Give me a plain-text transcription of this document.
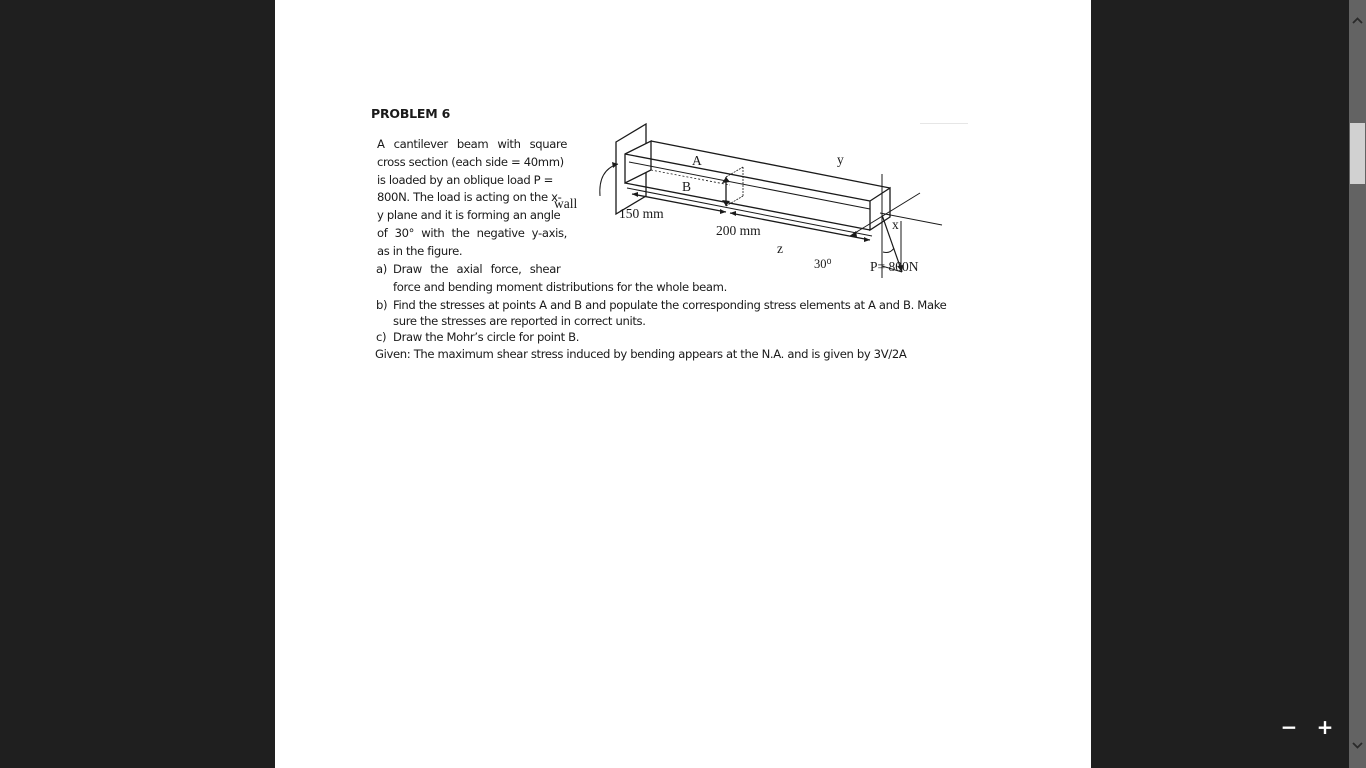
PROBLEM 6
A cantilever beam with square
cross section (each side = 40mm)
is loaded by an oblique load P =
800N. The load is acting on the x-
y plane and it is forming an angle
of 30° with the negative y-axis,
as in the figure.
a) Draw the axial force, shear
force and bending moment distributions for the whole beam.
b) Find the stresses at points A and B and populate the corresponding stress elements at A and B. Make
sure the stresses are reported in correct units.
c) Draw the Mohr’s circle for point B.
Given: The maximum shear stress induced by bending appears at the N.A. and is given by 3V/2A
wall
150 mm
200 mm
A
B
y
x
z
30⁰	P= 800N
− +
